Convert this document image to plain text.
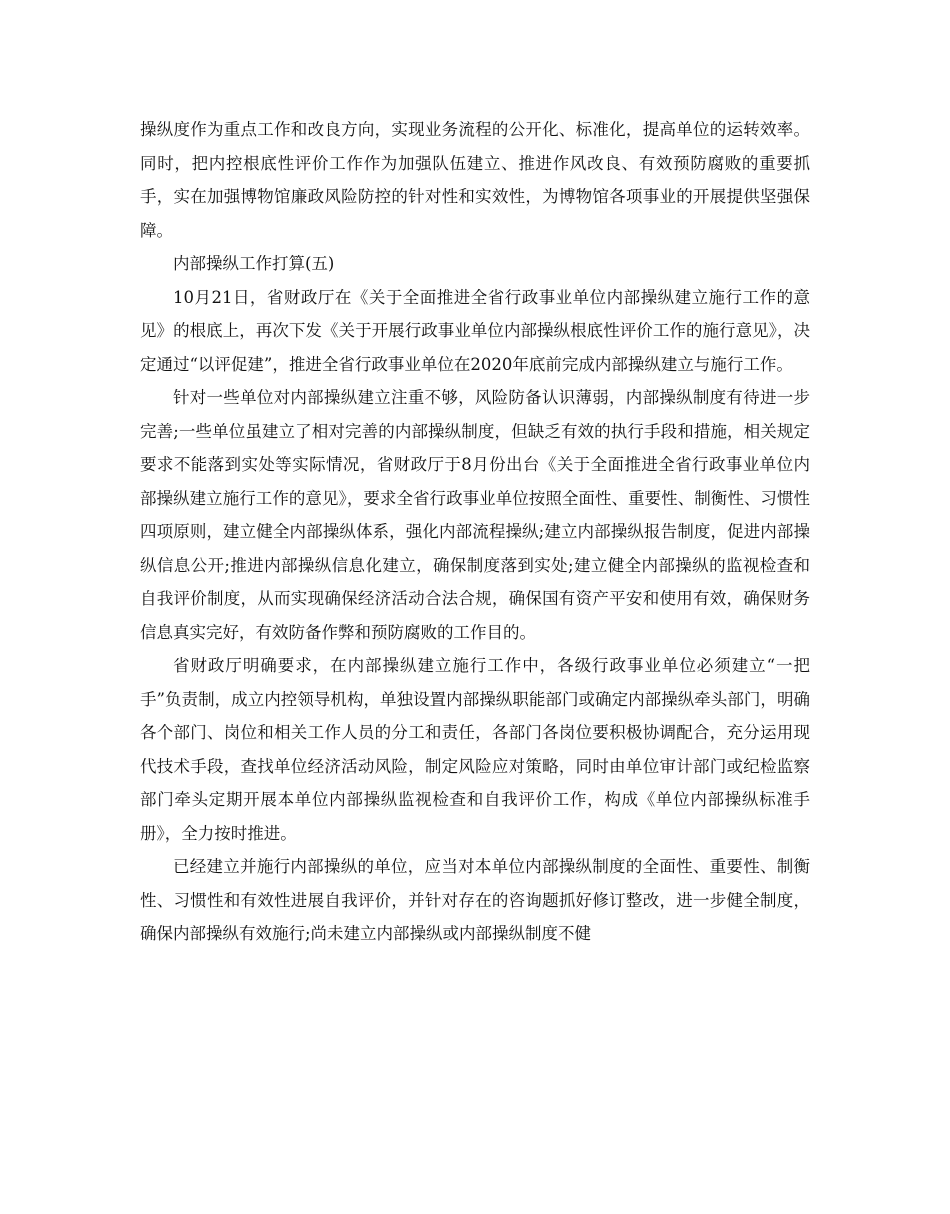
操纵度作为重点工作和改良方向，实现业务流程的公开化、标准化，提高单位的运转效率。同时，把内控根底性评价工作作为加强队伍建立、推进作风改良、有效预防腐败的重要抓手，实在加强博物馆廉政风险防控的针对性和实效性，为博物馆各项事业的开展提供坚强保障。

内部操纵工作打算(五)

10月21日，省财政厅在《关于全面推进全省行政事业单位内部操纵建立施行工作的意见》的根底上，再次下发《关于开展行政事业单位内部操纵根底性评价工作的施行意见》，决定通过“以评促建”，推进全省行政事业单位在2020年底前完成内部操纵建立与施行工作。

针对一些单位对内部操纵建立注重不够，风险防备认识薄弱，内部操纵制度有待进一步完善;一些单位虽建立了相对完善的内部操纵制度，但缺乏有效的执行手段和措施，相关规定要求不能落到实处等实际情况，省财政厅于8月份出台《关于全面推进全省行政事业单位内部操纵建立施行工作的意见》，要求全省行政事业单位按照全面性、重要性、制衡性、习惯性四项原则，建立健全内部操纵体系，强化内部流程操纵;建立内部操纵报告制度，促进内部操纵信息公开;推进内部操纵信息化建立，确保制度落到实处;建立健全内部操纵的监视检查和自我评价制度，从而实现确保经济活动合法合规，确保国有资产平安和使用有效，确保财务信息真实完好，有效防备作弊和预防腐败的工作目的。

省财政厅明确要求，在内部操纵建立施行工作中，各级行政事业单位必须建立“一把手”负责制，成立内控领导机构，单独设置内部操纵职能部门或确定内部操纵牵头部门，明确各个部门、岗位和相关工作人员的分工和责任，各部门各岗位要积极协调配合，充分运用现代技术手段，查找单位经济活动风险，制定风险应对策略，同时由单位审计部门或纪检监察部门牵头定期开展本单位内部操纵监视检查和自我评价工作，构成《单位内部操纵标准手册》，全力按时推进。

已经建立并施行内部操纵的单位，应当对本单位内部操纵制度的全面性、重要性、制衡性、习惯性和有效性进展自我评价，并针对存在的咨询题抓好修订整改，进一步健全制度，确保内部操纵有效施行;尚未建立内部操纵或内部操纵制度不健
